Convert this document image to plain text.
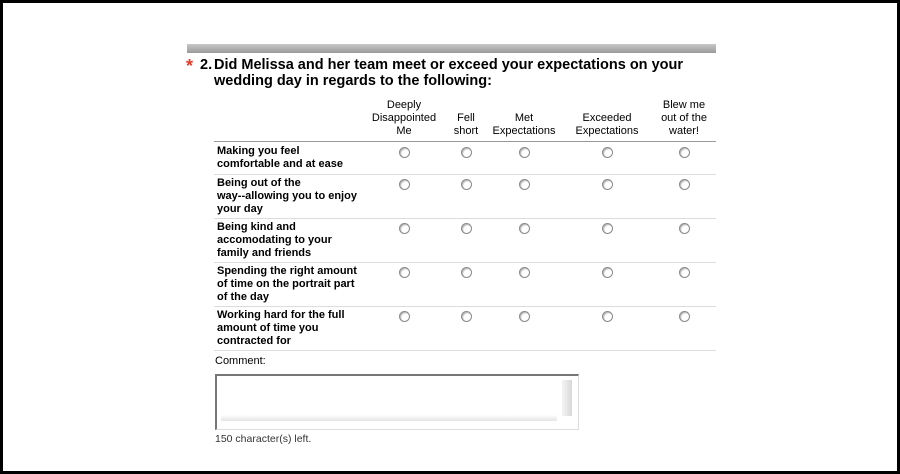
* 2. Did Melissa and her team meet or exceed your expectations on your wedding day in regards to the following:
Deeply
Disappointed
Me
Fell
short
Met
Expectations
Exceeded
Expectations
Blew me
out of the
water!
Making you feel
comfortable and at ease
Being out of the
way--allowing you to enjoy
your day
Being kind and
accomodating to your
family and friends
Spending the right amount
of time on the portrait part
of the day
Working hard for the full
amount of time you
contracted for
Comment:
150 character(s) left.
